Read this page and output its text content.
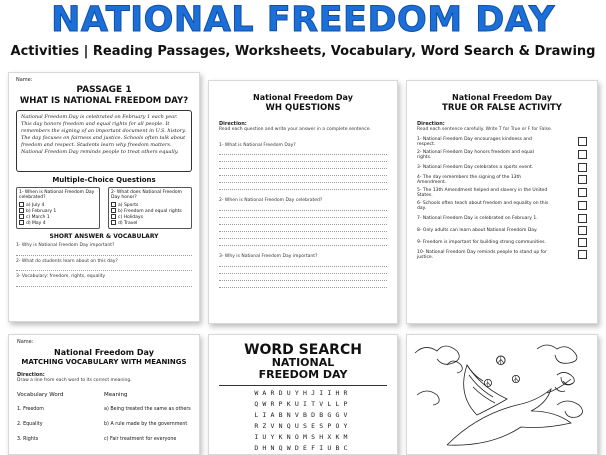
NATIONAL FREEDOM DAY
Activities | Reading Passages, Worksheets, Vocabulary, Word Search & Drawing
Name:
PASSAGE 1
WHAT IS NATIONAL FREEDOM DAY?
National Freedom Day is celebrated on February 1 each year. This day honors freedom and equal rights for all people. It remembers the signing of an important document in U.S. history. The day focuses on fairness and justice. Schools often talk about freedom and respect. Students learn why freedom matters. National Freedom Day reminds people to treat others equally.
Multiple-Choice Questions
1- When is National Freedom Day celebrated?
a) July 4
b) February 1
c) March 1
d) May 4
2- What does National Freedom Day honor?
a) Sports
b) Freedom and equal rights
c) Holidays
d) Travel
SHORT ANSWER & VOCABULARY
1- Why is National Freedom Day important?
2- What do students learn about on this day?
3- Vocabulary: freedom, rights, equality
National Freedom Day
WH QUESTIONS
Direction:
Read each question and write your answer in a complete sentence.
1- What is National Freedom Day?
2- When is National Freedom Day celebrated?
3- Why is National Freedom Day important?
National Freedom Day
TRUE OR FALSE ACTIVITY
Direction:
Read each sentence carefully. Write T for True or F for False.
1- National Freedom Day encourages kindness and respect.
2- National Freedom Day honors freedom and equal rights.
3- National Freedom Day celebrates a sports event.
4- The day remembers the signing of the 13th Amendment.
5- The 13th Amendment helped end slavery in the United States.
6- Schools often teach about freedom and equality on this day.
7- National Freedom Day is celebrated on February 1.
8- Only adults can learn about National Freedom Day.
9- Freedom is important for building strong communities.
10- National Freedom Day reminds people to stand up for justice.
Name:
National Freedom Day
MATCHING VOCABULARY WITH MEANINGS
Direction:
Draw a line from each word to its correct meaning.
Vocabulary Word	Meaning
1. Freedom	a) Being treated the same as others
2. Equality	b) A rule made by the government
3. Rights	c) Fair treatment for everyone
WORD SEARCH
NATIONAL
FREEDOM DAY
WARDUYHJIIHR
QWRPKUITVLLP
LIABNVBDBGGV
RZVNQUSESPOY
IUYKNOMSHXKM
DHNQWDEFIUBC
☮
☮ ☮
